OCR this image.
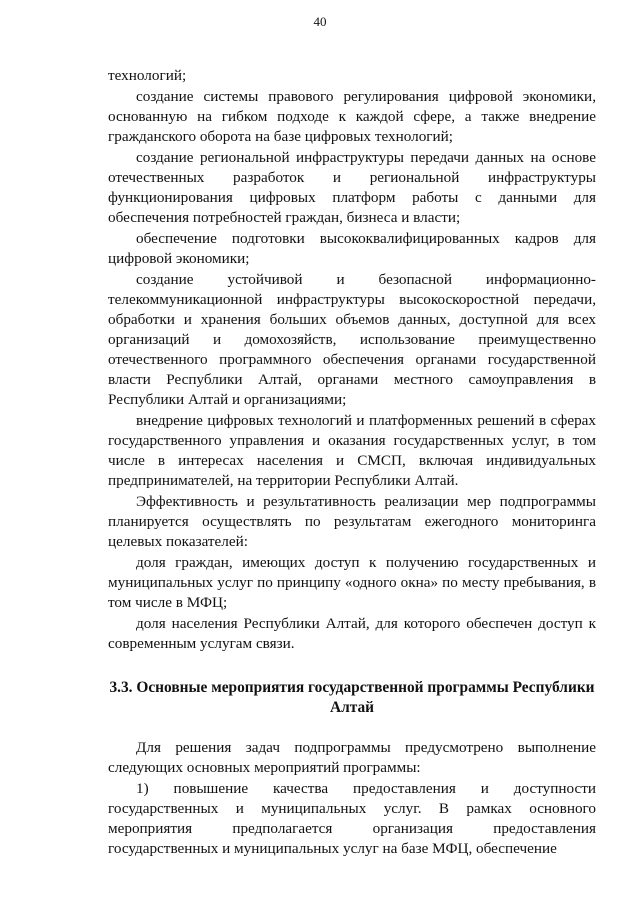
40

технологий;

создание системы правового регулирования цифровой экономики, основанную на гибком подходе к каждой сфере, а также внедрение гражданского оборота на базе цифровых технологий;

создание региональной инфраструктуры передачи данных на основе отечественных разработок и региональной инфраструктуры функционирования цифровых платформ работы с данными для обеспечения потребностей граждан, бизнеса и власти;

обеспечение подготовки высококвалифицированных кадров для цифровой экономики;

создание устойчивой и безопасной информационно-телекоммуникационной инфраструктуры высокоскоростной передачи, обработки и хранения больших объемов данных, доступной для всех организаций и домохозяйств, использование преимущественно отечественного программного обеспечения органами государственной власти Республики Алтай, органами местного самоуправления в Республики Алтай и организациями;

внедрение цифровых технологий и платформенных решений в сферах государственного управления и оказания государственных услуг, в том числе в интересах населения и СМСП, включая индивидуальных предпринимателей, на территории Республики Алтай.

Эффективность и результативность реализации мер подпрограммы планируется осуществлять по результатам ежегодного мониторинга целевых показателей:

доля граждан, имеющих доступ к получению государственных и муниципальных услуг по принципу «одного окна» по месту пребывания, в том числе в МФЦ;

доля населения Республики Алтай, для которого обеспечен доступ к современным услугам связи.

3.3. Основные мероприятия государственной программы Республики Алтай

Для решения задач подпрограммы предусмотрено выполнение следующих основных мероприятий программы:

1) повышение качества предоставления и доступности государственных и муниципальных услуг. В рамках основного мероприятия предполагается организация предоставления государственных и муниципальных услуг на базе МФЦ, обеспечение
